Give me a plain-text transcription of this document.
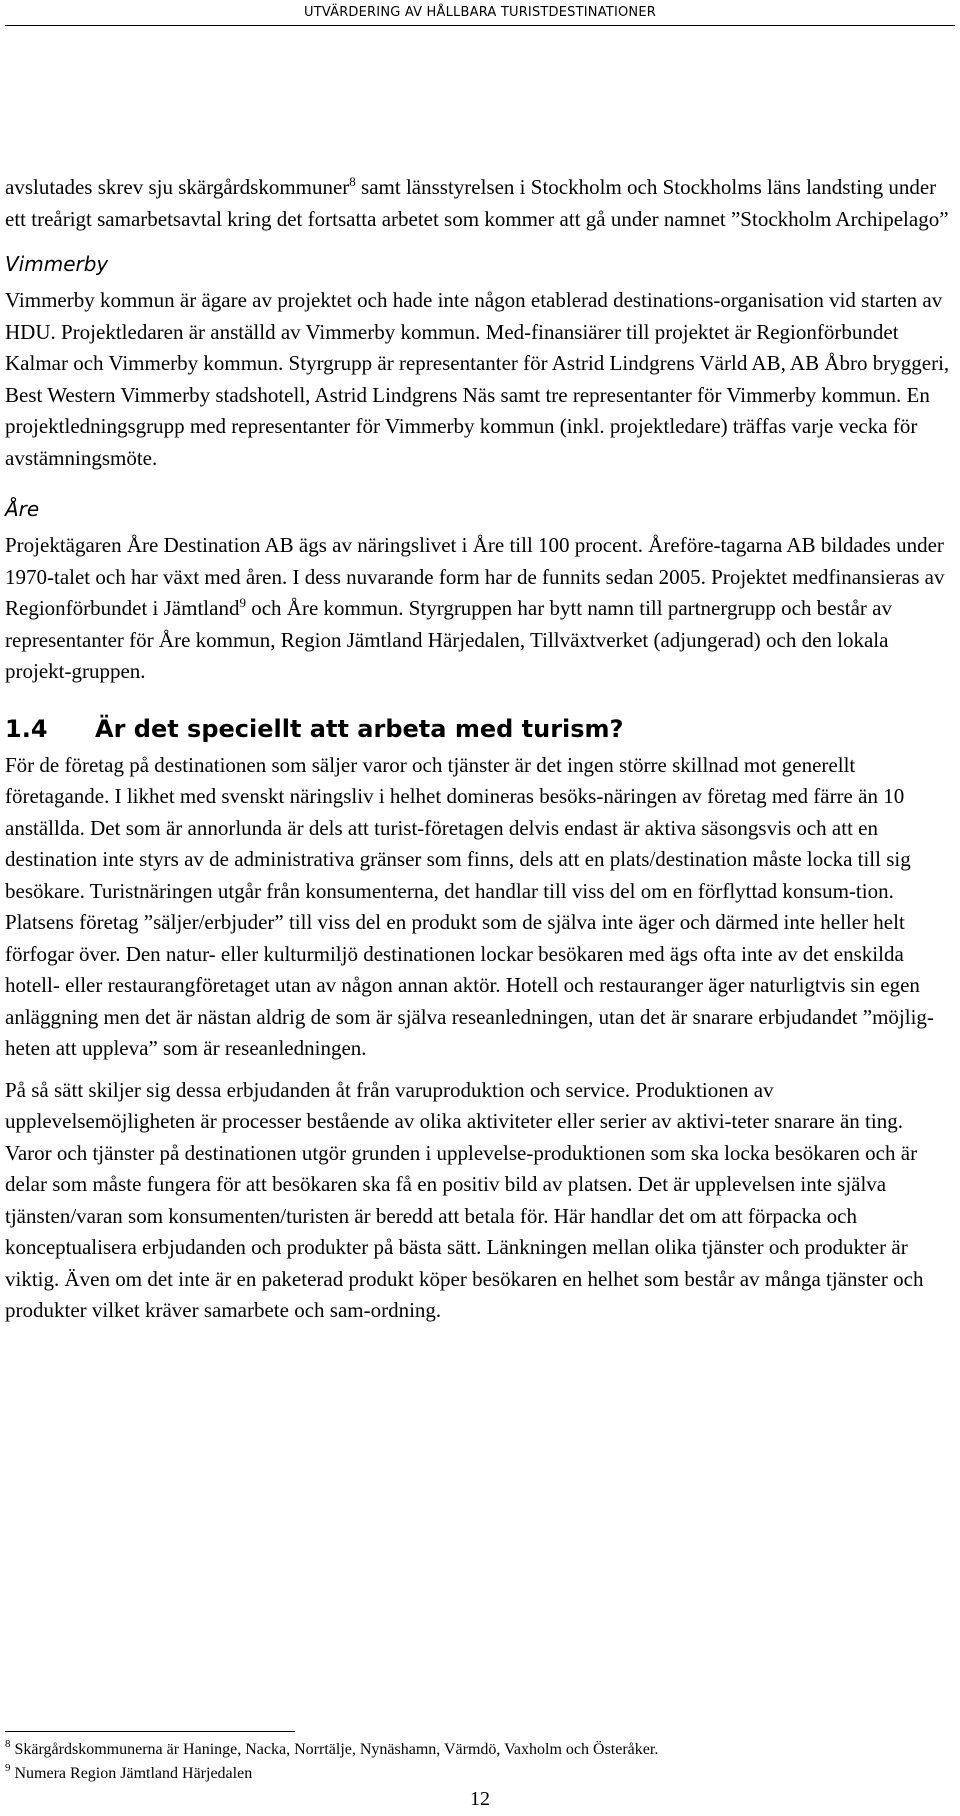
UTVÄRDERING AV HÅLLBARA TURISTDESTINATIONER

avslutades skrev sju skärgårdskommuner$^8$ samt länsstyrelsen i Stockholm och Stockholms läns landsting under ett treårigt samarbetsavtal kring det fortsatta arbetet som kommer att gå under namnet ”Stockholm Archipelago”

Vimmerby

Vimmerby kommun är ägare av projektet och hade inte någon etablerad destinations-organisation vid starten av HDU. Projektledaren är anställd av Vimmerby kommun. Med-finansiärer till projektet är Regionförbundet Kalmar och Vimmerby kommun. Styrgrupp är representanter för Astrid Lindgrens Värld AB, AB Åbro bryggeri, Best Western Vimmerby stadshotell, Astrid Lindgrens Näs samt tre representanter för Vimmerby kommun. En projektledningsgrupp med representanter för Vimmerby kommun (inkl. projektledare) träffas varje vecka för avstämningsmöte.

Åre

Projektägaren Åre Destination AB ägs av näringslivet i Åre till 100 procent. Åreföre-tagarna AB bildades under 1970-talet och har växt med åren. I dess nuvarande form har de funnits sedan 2005. Projektet medfinansieras av Regionförbundet i Jämtland$^9$ och Åre kommun. Styrgruppen har bytt namn till partnergrupp och består av representanter för Åre kommun, Region Jämtland Härjedalen, Tillväxtverket (adjungerad) och den lokala projekt-gruppen.

1.4 Är det speciellt att arbeta med turism?

För de företag på destinationen som säljer varor och tjänster är det ingen större skillnad mot generellt företagande. I likhet med svenskt näringsliv i helhet domineras besöks-näringen av företag med färre än 10 anställda. Det som är annorlunda är dels att turist-företagen delvis endast är aktiva säsongsvis och att en destination inte styrs av de administrativa gränser som finns, dels att en plats/destination måste locka till sig besökare. Turistnäringen utgår från konsumenterna, det handlar till viss del om en förflyttad konsum-tion. Platsens företag ”säljer/erbjuder” till viss del en produkt som de själva inte äger och därmed inte heller helt förfogar över. Den natur- eller kulturmiljö destinationen lockar besökaren med ägs ofta inte av det enskilda hotell- eller restaurangföretaget utan av någon annan aktör. Hotell och restauranger äger naturligtvis sin egen anläggning men det är nästan aldrig de som är själva reseanledningen, utan det är snarare erbjudandet ”möjlig-heten att uppleva” som är reseanledningen.

På så sätt skiljer sig dessa erbjudanden åt från varuproduktion och service. Produktionen av upplevelsemöjligheten är processer bestående av olika aktiviteter eller serier av aktivi-teter snarare än ting. Varor och tjänster på destinationen utgör grunden i upplevelse-produktionen som ska locka besökaren och är delar som måste fungera för att besökaren ska få en positiv bild av platsen. Det är upplevelsen inte själva tjänsten/varan som konsumenten/turisten är beredd att betala för. Här handlar det om att förpacka och konceptualisera erbjudanden och produkter på bästa sätt. Länkningen mellan olika tjänster och produkter är viktig. Även om det inte är en paketerad produkt köper besökaren en helhet som består av många tjänster och produkter vilket kräver samarbete och sam-ordning.

$^8$ Skärgårdskommunerna är Haninge, Nacka, Norrtälje, Nynäshamn, Värmdö, Vaxholm och Österåker.

$^9$ Numera Region Jämtland Härjedalen

12
